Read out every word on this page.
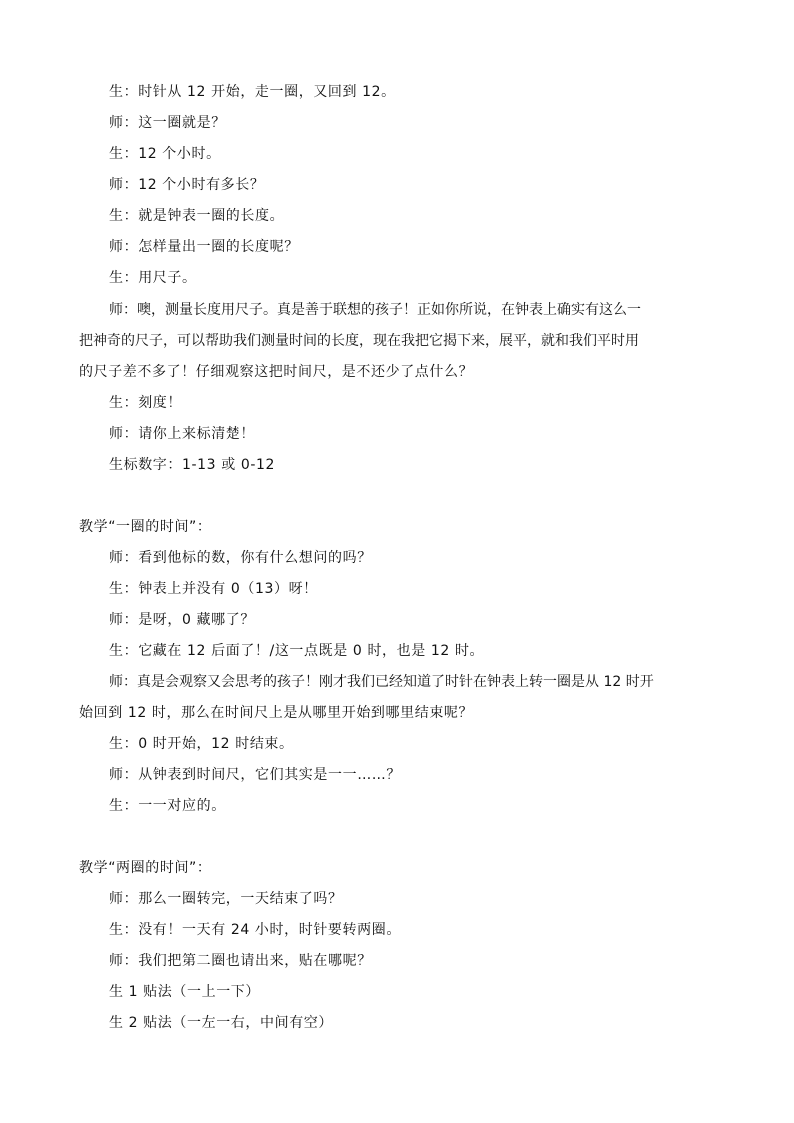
生：时针从 12 开始，走一圈，又回到 12。
师：这一圈就是？
生：12 个小时。
师：12 个小时有多长？
生：就是钟表一圈的长度。
师：怎样量出一圈的长度呢？
生：用尺子。
师：噢，测量长度用尺子。真是善于联想的孩子！正如你所说，在钟表上确实有这么一
把神奇的尺子，可以帮助我们测量时间的长度，现在我把它揭下来，展平，就和我们平时用
的尺子差不多了！仔细观察这把时间尺，是不还少了点什么？
生：刻度！
师：请你上来标清楚！
生标数字：1-13 或 0-12
教学“一圈的时间”：
师：看到他标的数，你有什么想问的吗？
生：钟表上并没有 0（13）呀！
师：是呀，0 藏哪了？
生：它藏在 12 后面了！/这一点既是 0 时，也是 12 时。
师：真是会观察又会思考的孩子！刚才我们已经知道了时针在钟表上转一圈是从 12 时开
始回到 12 时，那么在时间尺上是从哪里开始到哪里结束呢？
生：0 时开始，12 时结束。
师：从钟表到时间尺，它们其实是一一……？
生：一一对应的。
教学“两圈的时间”：
师：那么一圈转完，一天结束了吗？
生：没有！一天有 24 小时，时针要转两圈。
师：我们把第二圈也请出来，贴在哪呢？
生 1 贴法（一上一下）
生 2 贴法（一左一右，中间有空）
